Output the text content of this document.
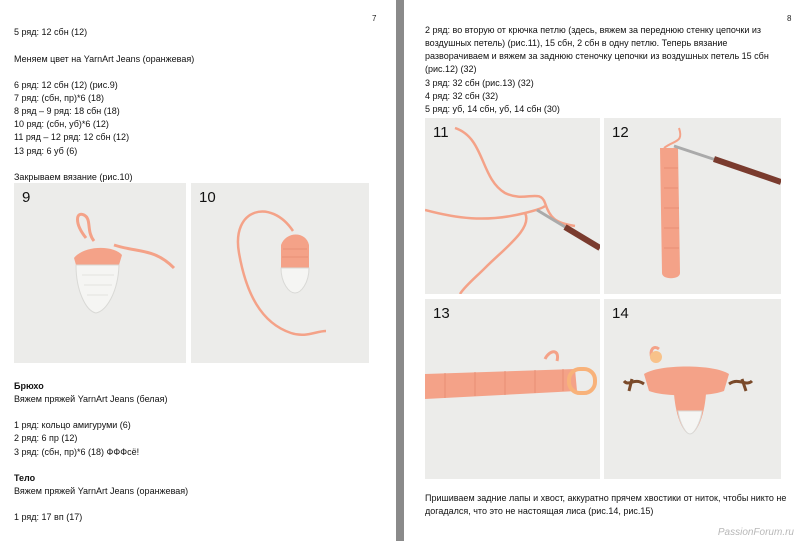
7
5 ряд: 12 сбн (12)
Меняем цвет на YarnArt Jeans (оранжевая)
6 ряд: 12 сбн (12) (рис.9)
7 ряд: (сбн, пр)*6 (18)
8 ряд – 9 ряд: 18 сбн (18)
10 ряд: (сбн, уб)*6 (12)
11 ряд – 12 ряд: 12 сбн (12)
13 ряд: 6 уб (6)
Закрываем вязание (рис.10)
9	10
Брюхо
Вяжем пряжей YarnArt Jeans (белая)
1 ряд: кольцо амигуруми (6)
2 ряд: 6 пр (12)
3 ряд: (сбн, пр)*6 (18) ФФФсё!
Тело
Вяжем пряжей YarnArt Jeans (оранжевая)
1 ряд: 17 вп (17)
8
2 ряд: во вторую от крючка петлю (здесь, вяжем за переднюю стенку цепочки из воздушных петель) (рис.11), 15 сбн, 2 сбн в одну петлю. Теперь вязание разворачиваем и вяжем за заднюю стеночку цепочки из воздушных петель 15 сбн (рис.12) (32)
3 ряд: 32 сбн (рис.13) (32)
4 ряд: 32 сбн (32)
5 ряд: уб, 14 сбн, уб, 14 сбн (30)
11	12
13	14
Пришиваем задние лапы и хвост, аккуратно прячем хвостики от ниток, чтобы никто не догадался, что это не настоящая лиса (рис.14, рис.15)
PassionForum.ru
